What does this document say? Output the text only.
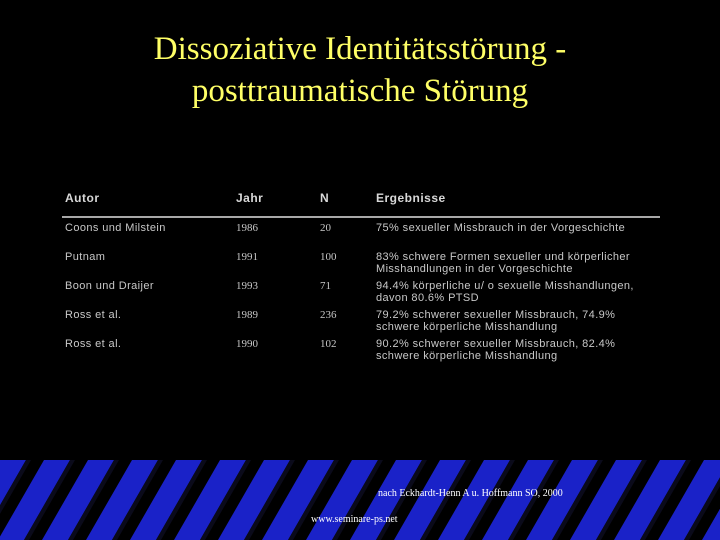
Dissoziative Identitätsstörung -
posttraumatische Störung
Autor	Jahr	N	Ergebnisse
Coons und Milstein	1986	20	75% sexueller Missbrauch in der Vorgeschichte
Putnam	1991	100	83% schwere Formen sexueller und körperlicher Misshandlungen in der Vorgeschichte
Boon und Draijer	1993	71	94.4% körperliche u/ o sexuelle Misshandlungen, davon 80.6% PTSD
Ross et al.	1989	236	79.2% schwerer sexueller Missbrauch, 74.9% schwere körperliche Misshandlung
Ross et al.	1990	102	90.2% schwerer sexueller Missbrauch, 82.4% schwere körperliche Misshandlung
nach Eckhardt-Henn A u. Hoffmann SO, 2000
www.seminare-ps.net
